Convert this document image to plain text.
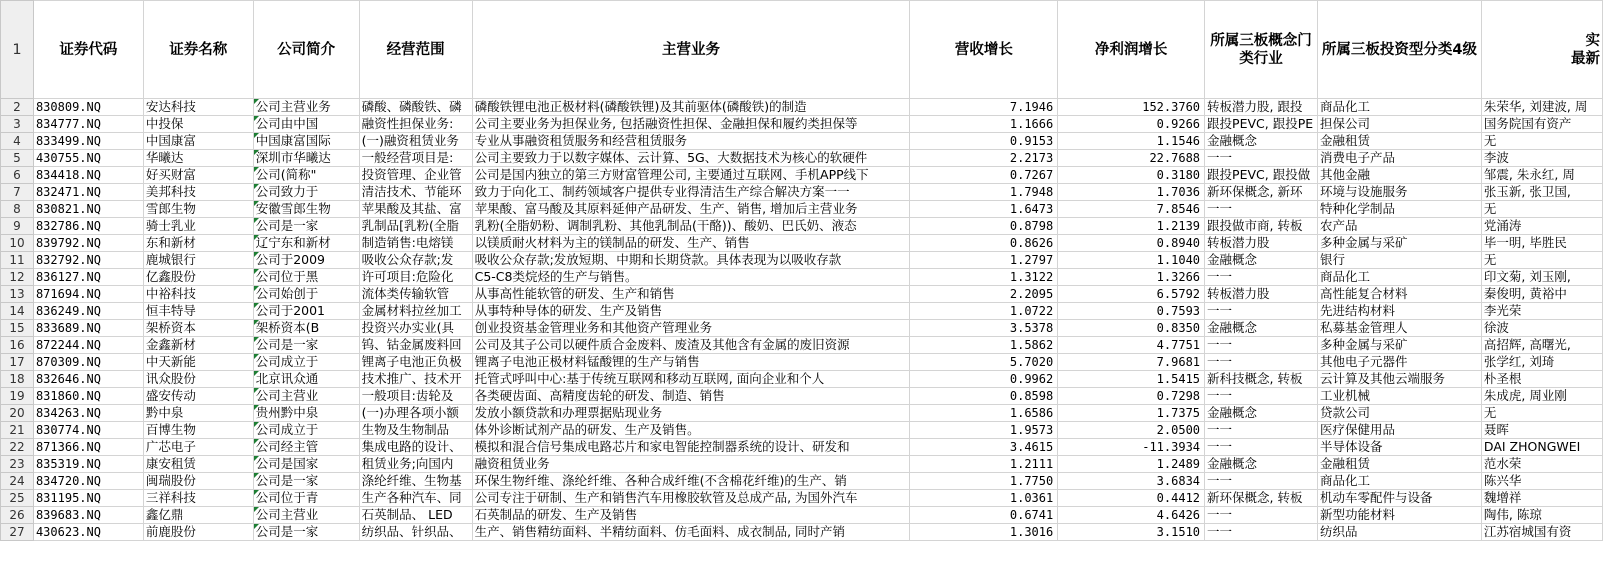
1	证券代码	证券名称	公司简介	经营范围	主营业务	营收增长	净利润增长	所属三板概念门类行业	所属三板投资型分类4级	实
最新
2	830809.NQ	安达科技	公司主营业务	磷酸、磷酸铁、磷	磷酸铁锂电池正极材料(磷酸铁锂)及其前驱体(磷酸铁)的制造	7.1946	152.3760	转板潜力股, 跟投	商品化工	朱荣华, 刘建波, 周
3	834777.NQ	中投保	公司由中国	融资性担保业务:	公司主要业务为担保业务, 包括融资性担保、金融担保和履约类担保等	1.1666	0.9266	跟投PEVC, 跟投PE	担保公司	国务院国有资产
4	833499.NQ	中国康富	中国康富国际	(一)融资租赁业务	专业从事融资租赁服务和经营租赁服务	0.9153	1.1546	金融概念	金融租赁	无
5	430755.NQ	华曦达	深圳市华曦达	一般经营项目是:	公司主要致力于以数字媒体、云计算、5G、大数据技术为核心的软硬件	2.2173	22.7688	一一	消费电子产品	李波
6	834418.NQ	好买财富	公司(简称"	投资管理、企业管	公司是国内独立的第三方财富管理公司, 主要通过互联网、手机APP线下	0.7267	0.3180	跟投PEVC, 跟投做	其他金融	邹震, 朱永红, 周
7	832471.NQ	美邦科技	公司致力于	清洁技术、节能环	致力于向化工、制药领域客户提供专业得清洁生产综合解决方案一一	1.7948	1.7036	新环保概念, 新环	环境与设施服务	张玉新, 张卫国,
8	830821.NQ	雪郎生物	安徽雪郎生物	苹果酸及其盐、富	苹果酸、富马酸及其原料延伸产品研发、生产、销售, 增加后主营业务	1.6473	7.8546	一一	特种化学制品	无
9	832786.NQ	骑士乳业	公司是一家	乳制品[乳粉(全脂	乳粉(全脂奶粉、调制乳粉、其他乳制品(干酪))、酸奶、巴氏奶、液态	0.8798	1.2139	跟投做市商, 转板	农产品	党涌涛
10	839792.NQ	东和新材	辽宁东和新材	制造销售:电熔镁	以镁质耐火材料为主的镁制品的研发、生产、销售	0.8626	0.8940	转板潜力股	多种金属与采矿	毕一明, 毕胜民
11	832792.NQ	鹿城银行	公司于2009	吸收公众存款;发	吸收公众存款;发放短期、中期和长期贷款。具体表现为以吸收存款	1.2797	1.1040	金融概念	银行	无
12	836127.NQ	亿鑫股份	公司位于黑	许可项目:危险化	C5-C8类烷烃的生产与销售。	1.3122	1.3266	一一	商品化工	印文菊, 刘玉刚,
13	871694.NQ	中裕科技	公司始创于	流体类传输软管	从事高性能软管的研发、生产和销售	2.2095	6.5792	转板潜力股	高性能复合材料	秦俊明, 黄裕中
14	836249.NQ	恒丰特导	公司于2001	金属材料拉丝加工	从事特种导体的研发、生产及销售	1.0722	0.7593	一一	先进结构材料	李光荣
15	833689.NQ	架桥资本	架桥资本(B	投资兴办实业(具	创业投资基金管理业务和其他资产管理业务	3.5378	0.8350	金融概念	私募基金管理人	徐波
16	872244.NQ	金鑫新材	公司是一家	钨、钴金属废料回	公司及其子公司以硬件质合金废料、废渣及其他含有金属的废旧资源	1.5862	4.7751	一一	多种金属与采矿	高招辉, 高曙光,
17	870309.NQ	中天新能	公司成立于	锂离子电池正负极	锂离子电池正极材料锰酸锂的生产与销售	5.7020	7.9681	一一	其他电子元器件	张学红, 刘琦
18	832646.NQ	讯众股份	北京讯众通	技术推广、技术开	托管式呼叫中心:基于传统互联网和移动互联网, 面向企业和个人	0.9962	1.5415	新科技概念, 转板	云计算及其他云端服务	朴圣根
19	831860.NQ	盛安传动	公司主营业	一般项目:齿轮及	各类硬齿面、高精度齿轮的研发、制造、销售	0.8598	0.7298	一一	工业机械	朱成虎, 周业刚
20	834263.NQ	黔中泉	贵州黔中泉	(一)办理各项小额	发放小额贷款和办理票据贴现业务	1.6586	1.7375	金融概念	贷款公司	无
21	830774.NQ	百博生物	公司成立于	生物及生物制品	体外诊断试剂产品的研发、生产及销售。	1.9573	2.0500	一一	医疗保健用品	聂晖
22	871366.NQ	广芯电子	公司经主管	集成电路的设计、	模拟和混合信号集成电路芯片和家电智能控制器系统的设计、研发和	3.4615	-11.3934	一一	半导体设备	DAI ZHONGWEI
23	835319.NQ	康安租赁	公司是国家	租赁业务;向国内	融资租赁业务	1.2111	1.2489	金融概念	金融租赁	范水荣
24	834720.NQ	闽瑞股份	公司是一家	涤纶纤维、生物基	环保生物纤维、涤纶纤维、各种合成纤维(不含棉花纤维)的生产、销	1.7750	3.6834	一一	商品化工	陈兴华
25	831195.NQ	三祥科技	公司位于青	生产各种汽车、同	公司专注于研制、生产和销售汽车用橡胶软管及总成产品, 为国外汽车	1.0361	0.4412	新环保概念, 转板	机动车零配件与设备	魏增祥
26	839683.NQ	鑫亿鼎	公司主营业	石英制品、 LED	石英制品的研发、生产及销售	0.6741	4.6426	一一	新型功能材料	陶伟, 陈琼
27	430623.NQ	前鹿股份	公司是一家	纺织品、针织品、	生产、销售精纺面料、半精纺面料、仿毛面料、成衣制品, 同时产销	1.3016	3.1510	一一	纺织品	江苏宿城国有资
